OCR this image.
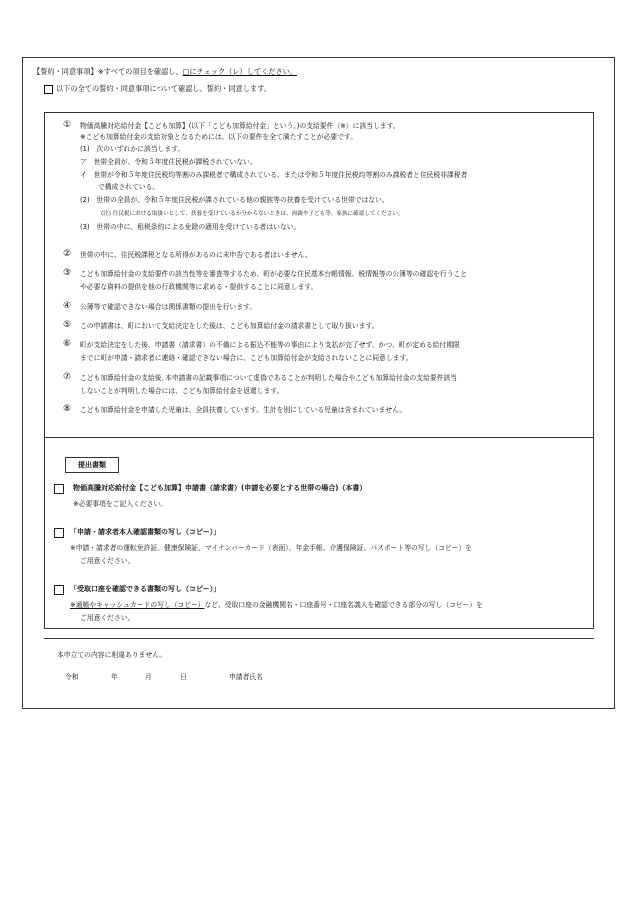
【誓約・同意事項】※すべての項目を確認し、□にチェック（レ）してください。
以下の全ての誓約・同意事項について確認し、誓約・同意します。
① 物価高騰対応給付金【こども加算】(以下「こども加算給付金」という。)の支給要件（※）に該当します。
※こども加算給付金の支給対象となるためには、以下の要件を全て満たすことが必要です。
(1)　次のいずれかに該当します。
ア　世帯全員が、令和５年度住民税が課税されていない。
イ　世帯が令和５年度住民税均等割のみ課税者で構成されている、または令和５年度住民税均等割のみ課税者と住民税非課税者
で構成されている。
(2)　世帯の全員が、令和５年度住民税が課されている他の親族等の扶養を受けている世帯ではない。
(注) 住民税における取扱いとして、扶養を受けているか分からないときは、両親や子ども等、家族に確認してください。
(3)　世帯の中に、租税条約による免除の適用を受けている者はいない。
② 世帯の中に、住民税課税となる所得があるのに未申告である者はいません。
③ こども加算給付金の支給要件の該当性等を審査等するため、町が必要な住民基本台帳情報、税情報等の公簿等の確認を行うこと
や必要な資料の提供を他の行政機関等に求める・提供することに同意します。
④ 公簿等で確認できない場合は関係書類の提出を行います。
⑤ この申請書は、町において支給決定をした後は、こども加算給付金の請求書として取り扱います。
⑥ 町が支給決定をした後、申請書（請求書）の不備による振込不能等の事由により支払が完了せず、かつ、町が定める給付期限
までに町が申請・請求者に連絡・確認できない場合に、こども加算給付金が支給されないことに同意します。
⑦ こども加算給付金の支給後､本申請書の記載事項について虚偽であることが判明した場合やこども加算給付金の支給要件該当
しないことが判明した場合には、こども加算給付金を返還します。
⑧ こども加算給付金を申請した児童は、全員扶養しています。生計を別にしている児童は含まれていません。
提出書類
物価高騰対応給付金【こども加算】申請書（請求書）(申請を必要とする世帯の場合)（本書）
※必要事項をご記入ください。
「申請・請求者本人確認書類の写し（コピー）」
※申請・請求者の運転免許証、健康保険証、マイナンバーカード（表面）、年金手帳、介護保険証、パスポート等の写し（コピー）を
ご用意ください。
「受取口座を確認できる書類の写し（コピー）」
※通帳やキャッシュカードの写し（コピー）など、受取口座の金融機関名・口座番号・口座名義人を確認できる部分の写し（コピー）を
ご用意ください。
本申立ての内容に相違ありません。
令和	年	月	日	申請者氏名
